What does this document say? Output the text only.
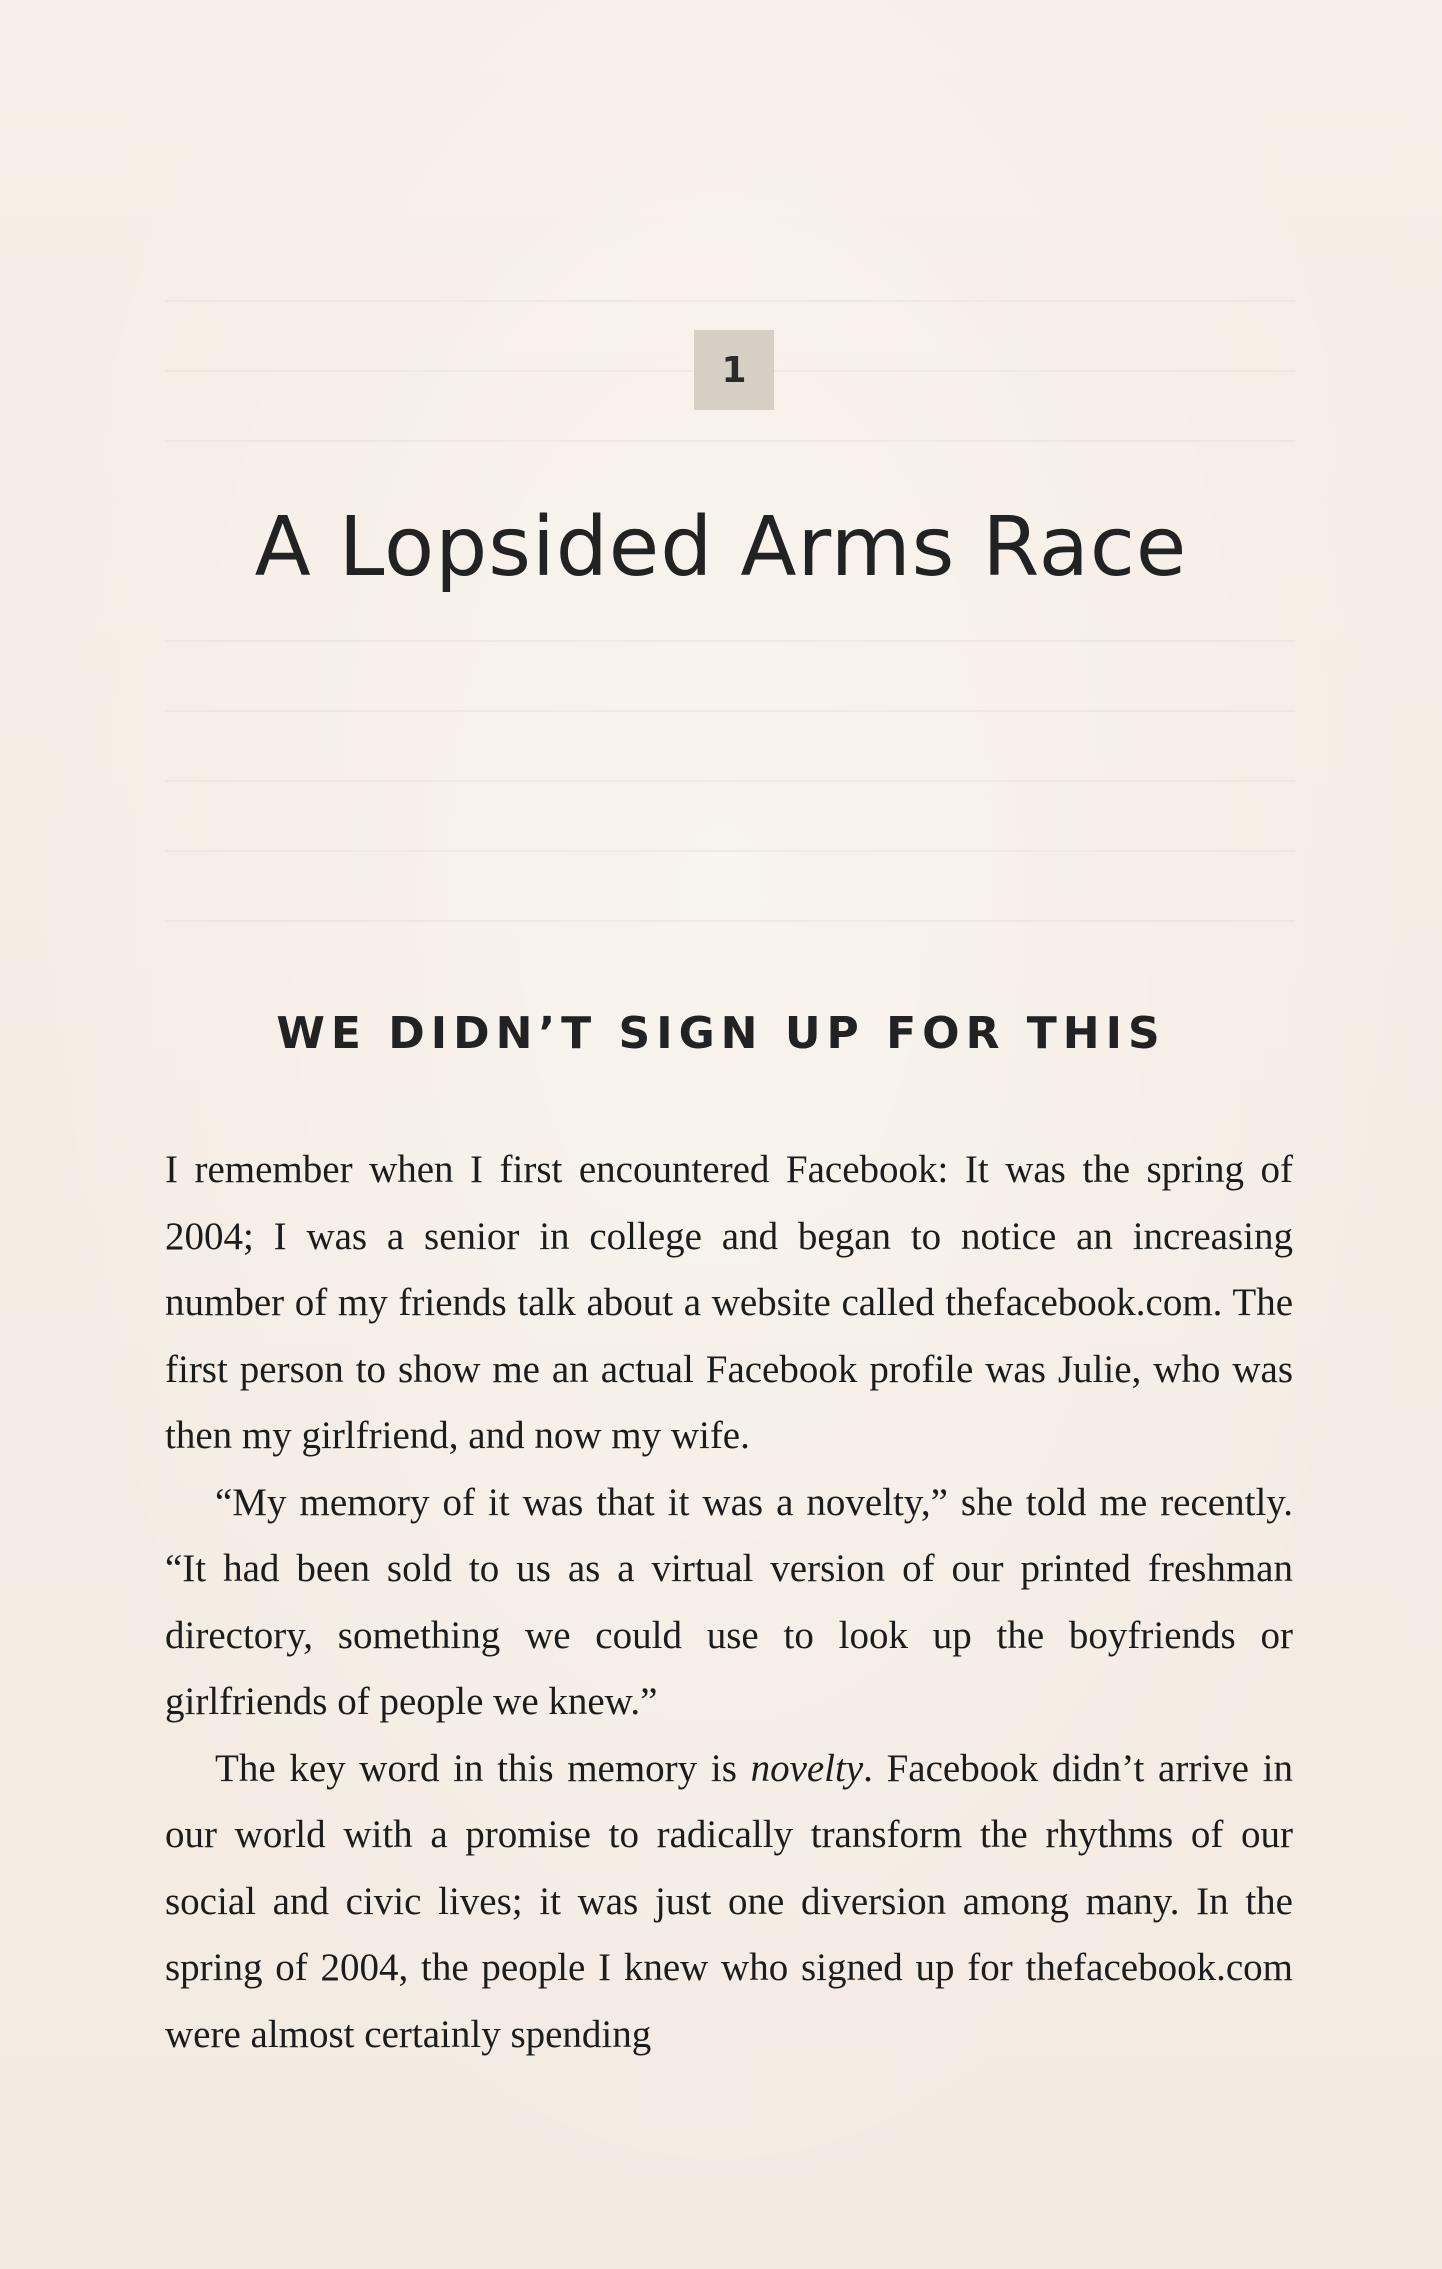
1
A Lopsided Arms Race
WE DIDN’T SIGN UP FOR THIS

I remember when I first encountered Facebook: It was the spring of 2004; I was a senior in college and began to notice an increasing number of my friends talk about a website called thefacebook.com. The first person to show me an actual Facebook profile was Julie, who was then my girlfriend, and now my wife.

“My memory of it was that it was a novelty,” she told me recently. “It had been sold to us as a virtual version of our printed freshman directory, something we could use to look up the boyfriends or girlfriends of people we knew.”

The key word in this memory is novelty. Facebook didn’t arrive in our world with a promise to radically transform the rhythms of our social and civic lives; it was just one diversion among many. In the spring of 2004, the people I knew who signed up for thefacebook.com were almost certainly spending
